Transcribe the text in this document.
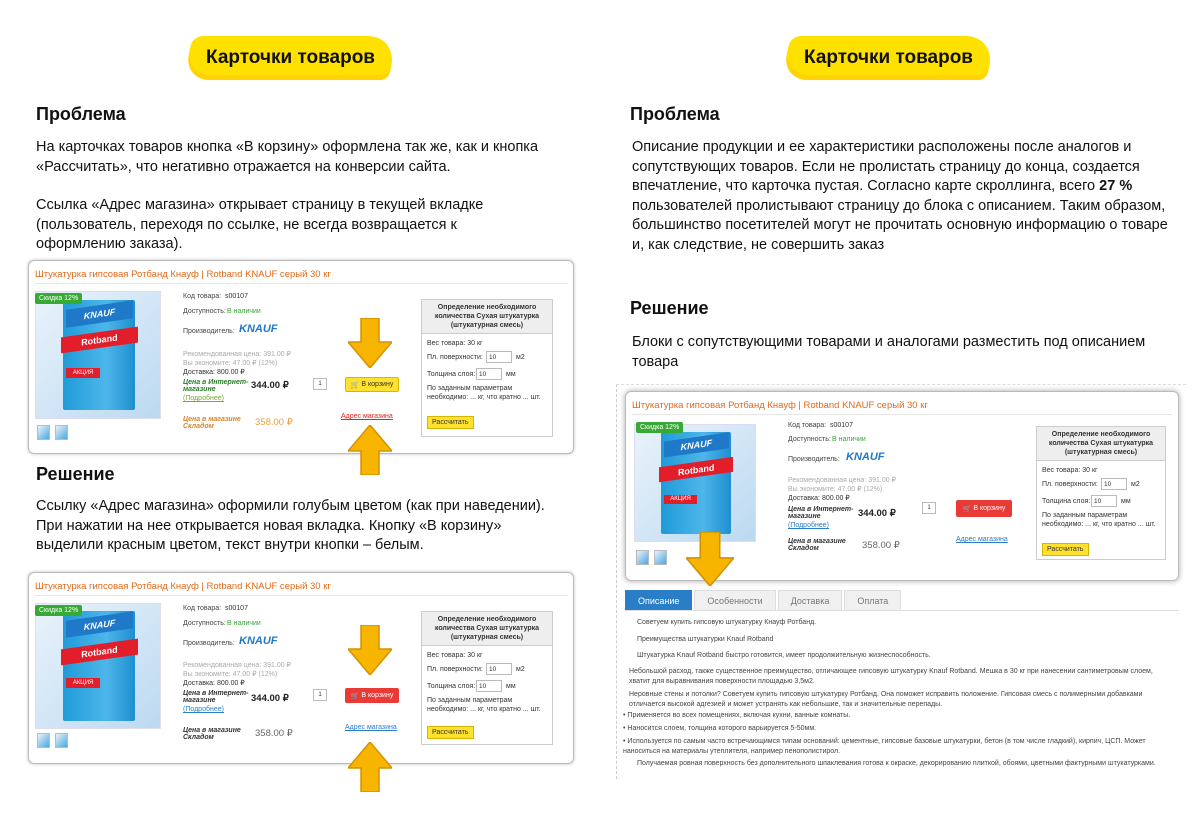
Карточки товаров
Проблема
На карточках товаров кнопка «В корзину» оформлена так же, как и кнопка «Рассчитать», что негативно отражается на конверсии сайта.
Ссылка «Адрес магазина» открывает страницу в текущей вкладке (пользователь, переходя по ссылке, не всегда возвращается к оформлению заказа).
Штукатурка гипсовая Ротбанд Кнауф | Rotband KNAUF серый 30 кг
KNAUF
Rotband
АКЦИЯ
Скидка 12%	Код товара: s00107
Доступность: В наличии
Производитель: KNAUF
Рекомендованная цена: 391.00 ₽
Вы экономите: 47.00 ₽ (12%)
Доставка: 800.00 ₽
Цена в Интернет-магазине
(Подробнее)
344.00 ₽	1	🛒 В корзину
Цена в магазине Складом	358.00 ₽
Адрес магазина
Определение необходимого количества Сухая штукатурка (штукатурная смесь)
Вес товара: 30 кг
Пл. поверхности: 10	м2
Толщина слоя: 10	мм
По заданным параметрам необходимо: ... кг, что кратно ... шт.
Рассчитать
Решение
Ссылку «Адрес магазина» оформили голубым цветом (как при наведении). При нажатии на нее открывается новая вкладка. Кнопку «В корзину» выделили красным цветом, текст внутри кнопки – белым.
Штукатурка гипсовая Ротбанд Кнауф | Rotband KNAUF серый 30 кг
KNAUF
Rotband
АКЦИЯ
Скидка 12%	Код товара: s00107
Доступность: В наличии
Производитель: KNAUF
Рекомендованная цена: 391.00 ₽
Вы экономите: 47.00 ₽ (12%)
Доставка: 800.00 ₽
Цена в Интернет-магазине
(Подробнее)
344.00 ₽	1	🛒 В корзину
Цена в магазине Складом	358.00 ₽
Адрес магазина
Определение необходимого количества Сухая штукатурка (штукатурная смесь)
Вес товара: 30 кг
Пл. поверхности: 10	м2
Толщина слоя: 10	мм
По заданным параметрам необходимо: ... кг, что кратно ... шт.
Рассчитать
Карточки товаров
Проблема
Описание продукции и ее характеристики расположены после аналогов и сопутствующих товаров. Если не пролистать страницу до конца, создается впечатление, что карточка пустая. Согласно карте скроллинга, всего 27 % пользователей пролистывают страницу до блока с описанием. Таким образом, большинство посетителей могут не прочитать основную информацию о товаре и, как следствие, не совершить заказ
Решение
Блоки с сопутствующими товарами и аналогами разместить под описанием товара
Штукатурка гипсовая Ротбанд Кнауф | Rotband KNAUF серый 30 кг
KNAUF
Rotband
АКЦИЯ
Скидка 12%	Код товара: s00107
Доступность: В наличии
Производитель: KNAUF
Рекомендованная цена: 391.00 ₽
Вы экономите: 47.00 ₽ (12%)
Доставка: 800.00 ₽
Цена в Интернет-магазине
(Подробнее)
344.00 ₽	1	🛒 В корзину
Цена в магазине Складом	358.00 ₽
Адрес магазина
Определение необходимого количества Сухая штукатурка (штукатурная смесь)
Вес товара: 30 кг
Пл. поверхности: 10	м2
Толщина слоя: 10	мм
По заданным параметрам необходимо: ... кг, что кратно ... шт.
Рассчитать
Описание	Особенности	Доставка	Оплата
Советуем купить гипсовую штукатурку Кнауф Ротбанд.
Преимущества штукатурки Knauf Rotband
Штукатурка Knauf Rotband быстро готовится, имеет продолжительную жизнеспособность.
Небольшой расход, также существенное преимущество, отличающее гипсовую штукатурку Knauf Rotband. Мешка в 30 кг при нанесении сантиметровым слоем, хватит для выравнивания поверхности площадью 3,5м2.
Неровные стены и потолки? Советуем купить гипсовую штукатурку Ротбанд. Она поможет исправить положение. Гипсовая смесь с полимерными добавками отличается высокой адгезией и может устранять как небольшие, так и значительные перепады.
• Применяется во всех помещениях, включая кухни, ванные комнаты.
• Наносится слоем, толщина которого варьируется 5-50мм.
• Используется по самым часто встречающимся типам оснований: цементные, гипсовые базовые штукатурки, бетон (в том числе гладкий), кирпич, ЦСП. Может наноситься на материалы утеплителя, например пенополистирол.
Получаемая ровная поверхность без дополнительного шпаклевания готова к окраске, декорированию плиткой, обоями, цветными фактурными штукатурками.
